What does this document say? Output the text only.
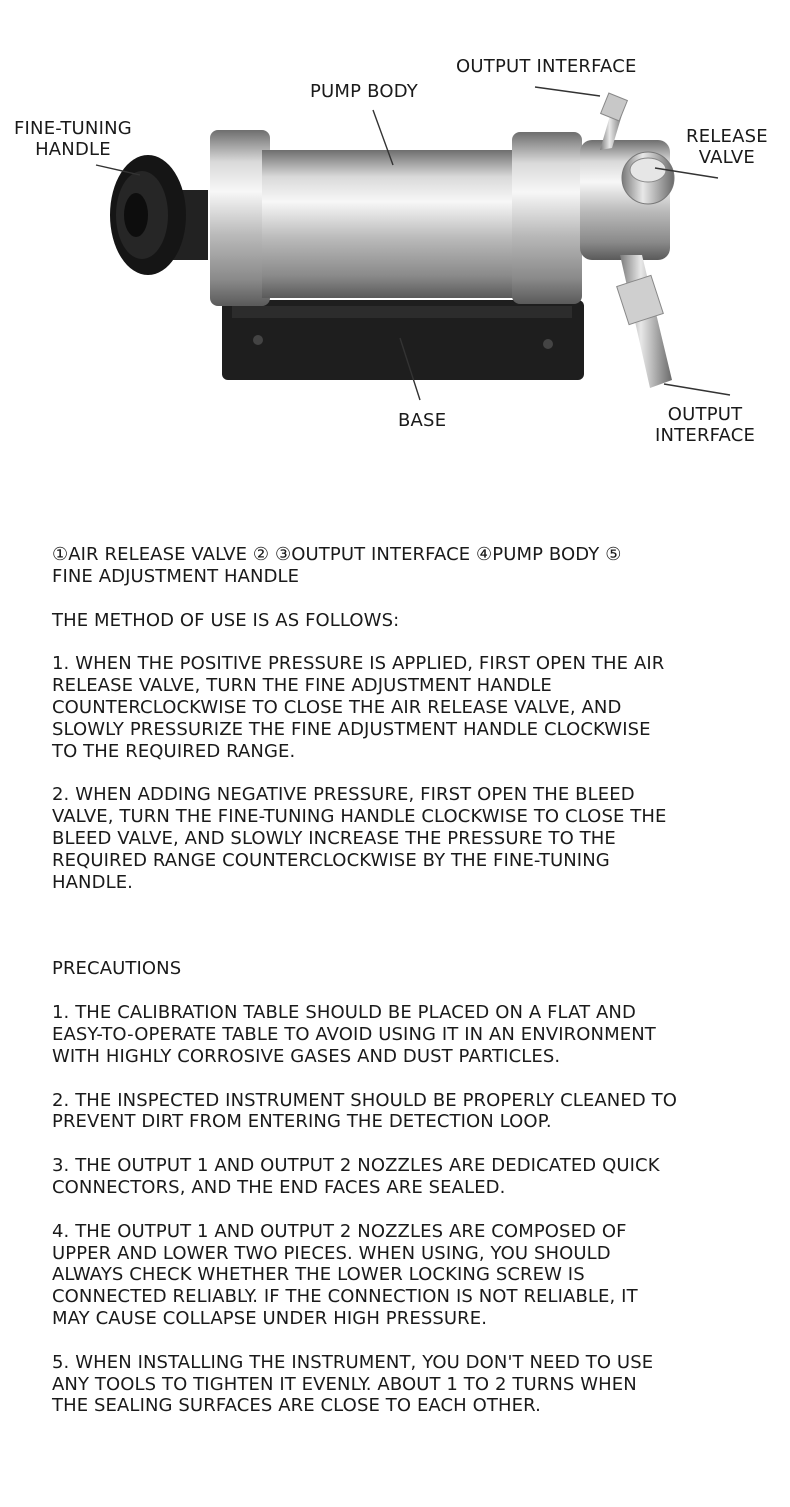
OUTPUT INTERFACE
PUMP BODY
FINE-TUNING
HANDLE
RELEASE
VALVE
BASE	OUTPUT
INTERFACE

①AIR RELEASE VALVE ② ③OUTPUT INTERFACE ④PUMP BODY ⑤
FINE ADJUSTMENT HANDLE

THE METHOD OF USE IS AS FOLLOWS:

1. WHEN THE POSITIVE PRESSURE IS APPLIED, FIRST OPEN THE AIR
RELEASE VALVE, TURN THE FINE ADJUSTMENT HANDLE
COUNTERCLOCKWISE TO CLOSE THE AIR RELEASE VALVE, AND
SLOWLY PRESSURIZE THE FINE ADJUSTMENT HANDLE CLOCKWISE
TO THE REQUIRED RANGE.

2. WHEN ADDING NEGATIVE PRESSURE, FIRST OPEN THE BLEED
VALVE, TURN THE FINE-TUNING HANDLE CLOCKWISE TO CLOSE THE
BLEED VALVE, AND SLOWLY INCREASE THE PRESSURE TO THE
REQUIRED RANGE COUNTERCLOCKWISE BY THE FINE-TUNING
HANDLE.

PRECAUTIONS

1. THE CALIBRATION TABLE SHOULD BE PLACED ON A FLAT AND
EASY-TO-OPERATE TABLE TO AVOID USING IT IN AN ENVIRONMENT
WITH HIGHLY CORROSIVE GASES AND DUST PARTICLES.

2. THE INSPECTED INSTRUMENT SHOULD BE PROPERLY CLEANED TO
PREVENT DIRT FROM ENTERING THE DETECTION LOOP.

3. THE OUTPUT 1 AND OUTPUT 2 NOZZLES ARE DEDICATED QUICK
CONNECTORS, AND THE END FACES ARE SEALED.

4. THE OUTPUT 1 AND OUTPUT 2 NOZZLES ARE COMPOSED OF
UPPER AND LOWER TWO PIECES. WHEN USING, YOU SHOULD
ALWAYS CHECK WHETHER THE LOWER LOCKING SCREW IS
CONNECTED RELIABLY. IF THE CONNECTION IS NOT RELIABLE, IT
MAY CAUSE COLLAPSE UNDER HIGH PRESSURE.

5. WHEN INSTALLING THE INSTRUMENT, YOU DON'T NEED TO USE
ANY TOOLS TO TIGHTEN IT EVENLY. ABOUT 1 TO 2 TURNS WHEN
THE SEALING SURFACES ARE CLOSE TO EACH OTHER.
